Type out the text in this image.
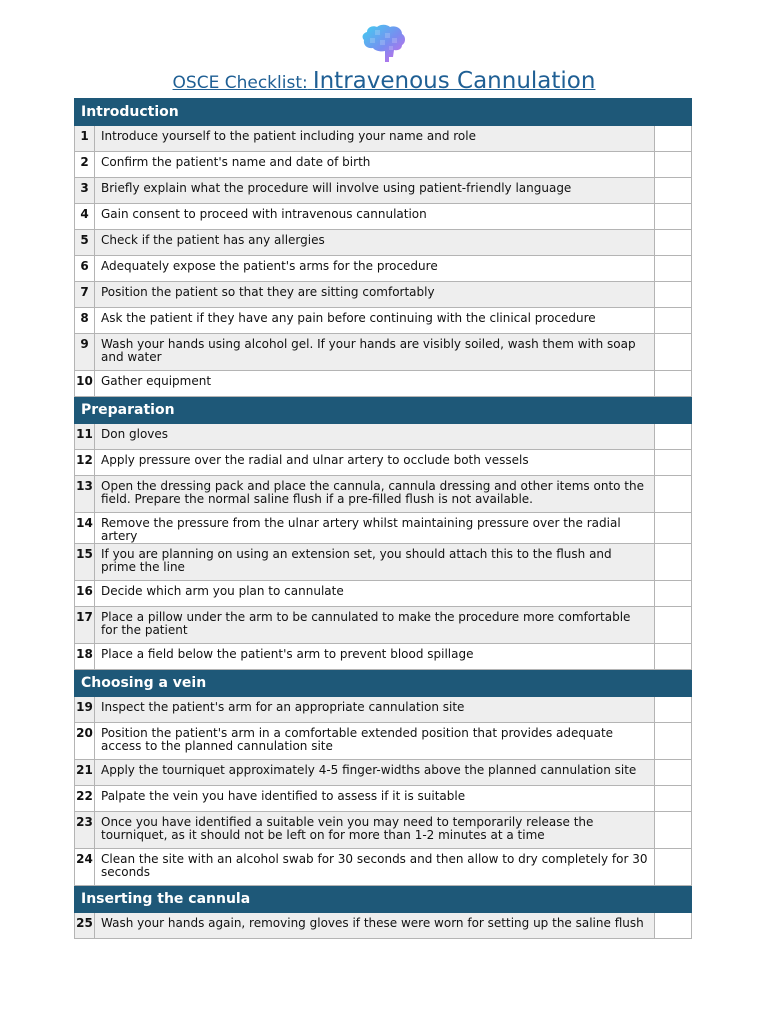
OSCE Checklist: Intravenous Cannulation
Introduction		
1	Introduce yourself to the patient including your name and role	
2	Confirm the patient's name and date of birth	
3	Briefly explain what the procedure will involve using patient-friendly language	
4	Gain consent to proceed with intravenous cannulation	
5	Check if the patient has any allergies	
6	Adequately expose the patient's arms for the procedure	
7	Position the patient so that they are sitting comfortably	
8	Ask the patient if they have any pain before continuing with the clinical procedure	
9	Wash your hands using alcohol gel. If your hands are visibly soiled, wash them with soap and water	
10	Gather equipment	
Preparation		
11	Don gloves	
12	Apply pressure over the radial and ulnar artery to occlude both vessels	
13	Open the dressing pack and place the cannula, cannula dressing and other items onto the field. Prepare the normal saline flush if a pre-filled flush is not available.	
14	Remove the pressure from the ulnar artery whilst maintaining pressure over the radial artery	
15	If you are planning on using an extension set, you should attach this to the flush and prime the line	
16	Decide which arm you plan to cannulate	
17	Place a pillow under the arm to be cannulated to make the procedure more comfortable for the patient	
18	Place a field below the patient's arm to prevent blood spillage	
Choosing a vein		
19	Inspect the patient's arm for an appropriate cannulation site	
20	Position the patient's arm in a comfortable extended position that provides adequate access to the planned cannulation site	
21	Apply the tourniquet approximately 4-5 finger-widths above the planned cannulation site	
22	Palpate the vein you have identified to assess if it is suitable	
23	Once you have identified a suitable vein you may need to temporarily release the tourniquet, as it should not be left on for more than 1-2 minutes at a time	
24	Clean the site with an alcohol swab for 30 seconds and then allow to dry completely for 30 seconds	
Inserting the cannula		
25	Wash your hands again, removing gloves if these were worn for setting up the saline flush	
